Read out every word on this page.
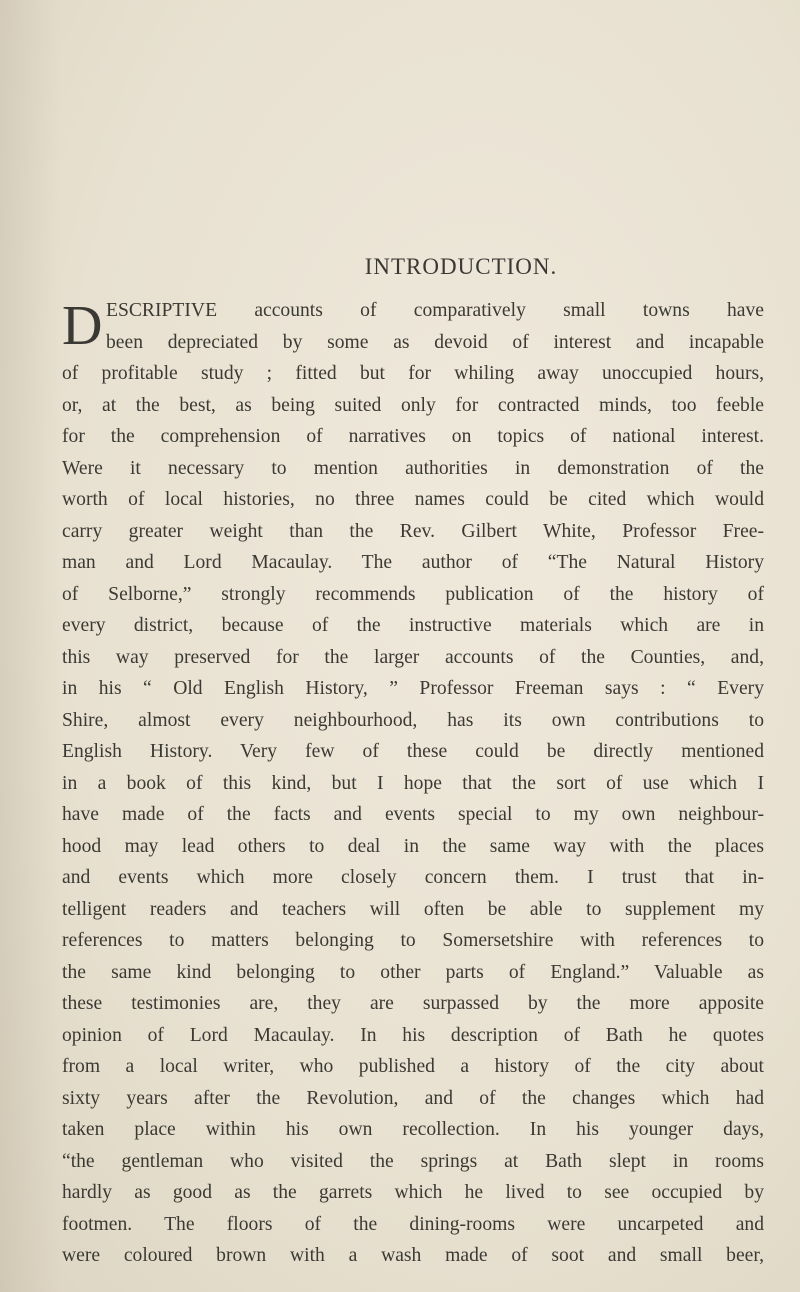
INTRODUCTION.
D ESCRIPTIVE accounts of comparatively small towns have
been depreciated by some as devoid of interest and incapable
of profitable study ; fitted but for whiling away unoccupied hours,
or, at the best, as being suited only for contracted minds, too feeble
for the comprehension of narratives on topics of national interest.
Were it necessary to mention authorities in demonstration of the
worth of local histories, no three names could be cited which would
carry greater weight than the Rev. Gilbert White, Professor Free-
man and Lord Macaulay. The author of “The Natural History
of Selborne,” strongly recommends publication of the history of
every district, because of the instructive materials which are in
this way preserved for the larger accounts of the Counties, and,
in his “ Old English History, ” Professor Freeman says : “ Every
Shire, almost every neighbourhood, has its own contributions to
English History. Very few of these could be directly mentioned
in a book of this kind, but I hope that the sort of use which I
have made of the facts and events special to my own neighbour-
hood may lead others to deal in the same way with the places
and events which more closely concern them. I trust that in-
telligent readers and teachers will often be able to supplement my
references to matters belonging to Somersetshire with references to
the same kind belonging to other parts of England.” Valuable as
these testimonies are, they are surpassed by the more apposite
opinion of Lord Macaulay. In his description of Bath he quotes
from a local writer, who published a history of the city about
sixty years after the Revolution, and of the changes which had
taken place within his own recollection. In his younger days,
“the gentleman who visited the springs at Bath slept in rooms
hardly as good as the garrets which he lived to see occupied by
footmen. The floors of the dining-rooms were uncarpeted and
were coloured brown with a wash made of soot and small beer,
